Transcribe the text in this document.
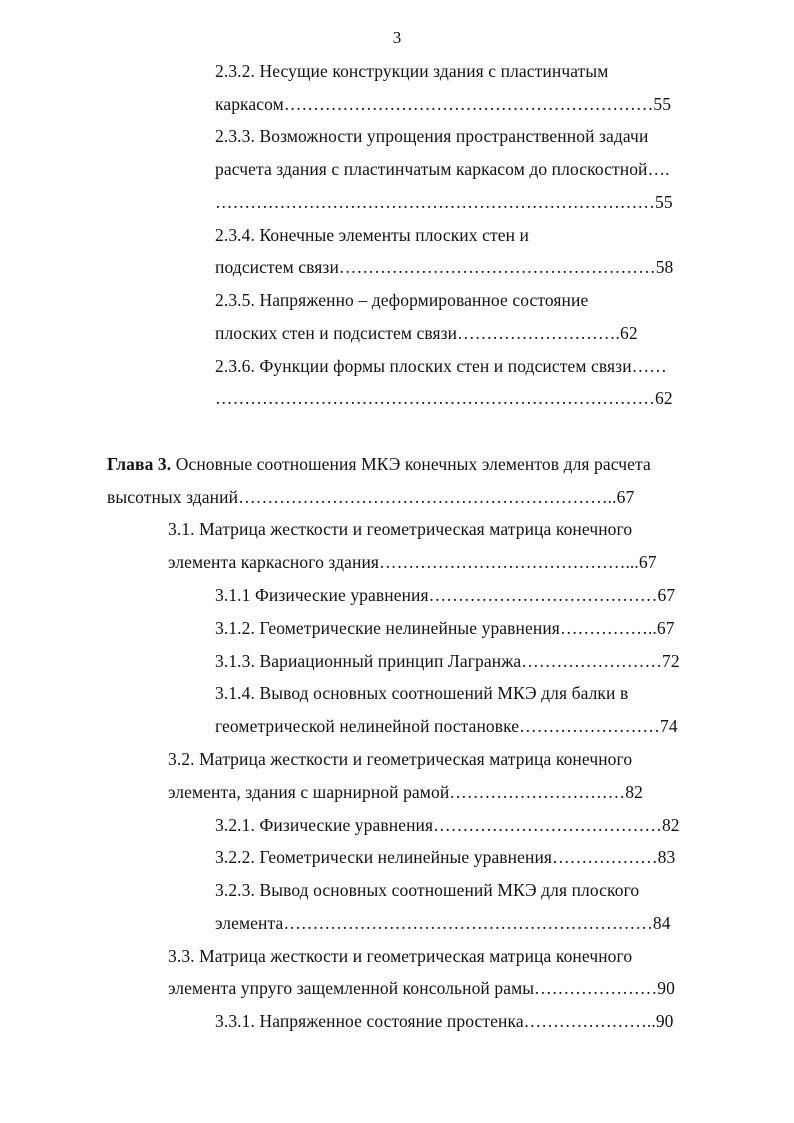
3
2.3.2. Несущие конструкции здания с пластинчатым
каркасом………………………………………………………55
2.3.3. Возможности упрощения пространственной задачи
расчета здания с пластинчатым каркасом до плоскостной….
…………………………………………………………………55
2.3.4. Конечные элементы плоских стен и
подсистем связи………………………………………………58
2.3.5. Напряженно – деформированное состояние
плоских стен и подсистем связи……………………….62
2.3.6. Функции формы плоских стен и подсистем связи……
…………………………………………………………………62
Глава 3. Основные соотношения МКЭ конечных элементов для расчета
высотных зданий………………………………………………………..67
3.1. Матрица жесткости и геометрическая матрица конечного
элемента каркасного здания……………………………………...67
3.1.1 Физические уравнения…………………………………67
3.1.2. Геометрические нелинейные уравнения……………..67
3.1.3. Вариационный принцип Лагранжа……………………72
3.1.4. Вывод основных соотношений МКЭ для балки в
геометрической нелинейной постановке……………………74
3.2. Матрица жесткости и геометрическая матрица конечного
элемента, здания с шарнирной рамой…………………………82
3.2.1. Физические уравнения…………………………………82
3.2.2. Геометрически нелинейные уравнения………………83
3.2.3. Вывод основных соотношений МКЭ для плоского
элемента………………………………………………………84
3.3. Матрица жесткости и геометрическая матрица конечного
элемента упруго защемленной консольной рамы…………………90
3.3.1. Напряженное состояние простенка…………………..90
